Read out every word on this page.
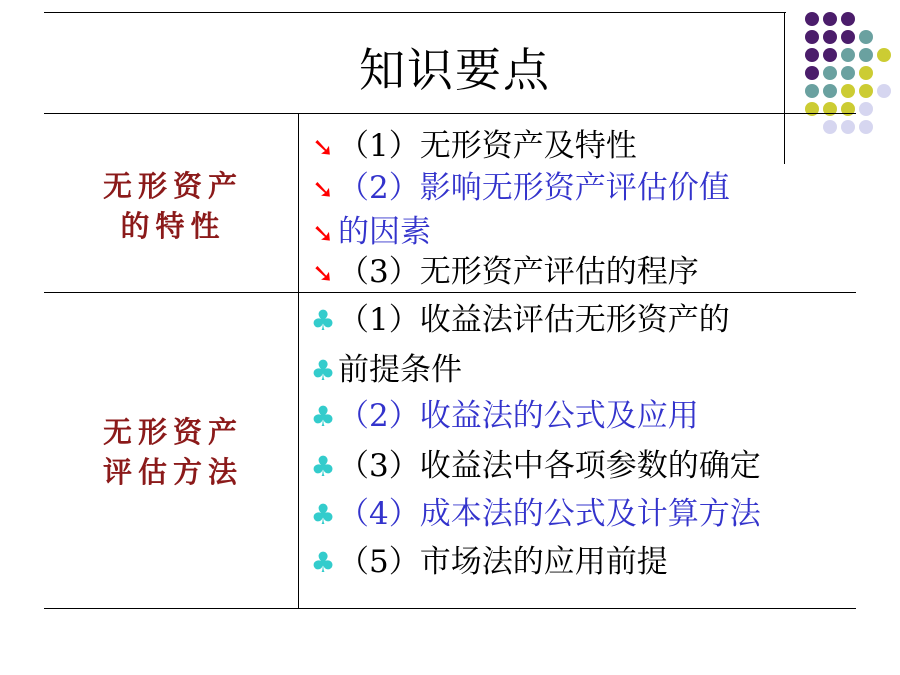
知识要点
无形资产
的特性
➘ （1）无形资产及特性
➘ （2）影响无形资产评估价值
➘ 的因素
➘ （3）无形资产评估的程序
无形资产
评估方法
♣（1）收益法评估无形资产的
♣前提条件
♣（2）收益法的公式及应用
♣（3）收益法中各项参数的确定
♣（4）成本法的公式及计算方法
♣（5）市场法的应用前提
